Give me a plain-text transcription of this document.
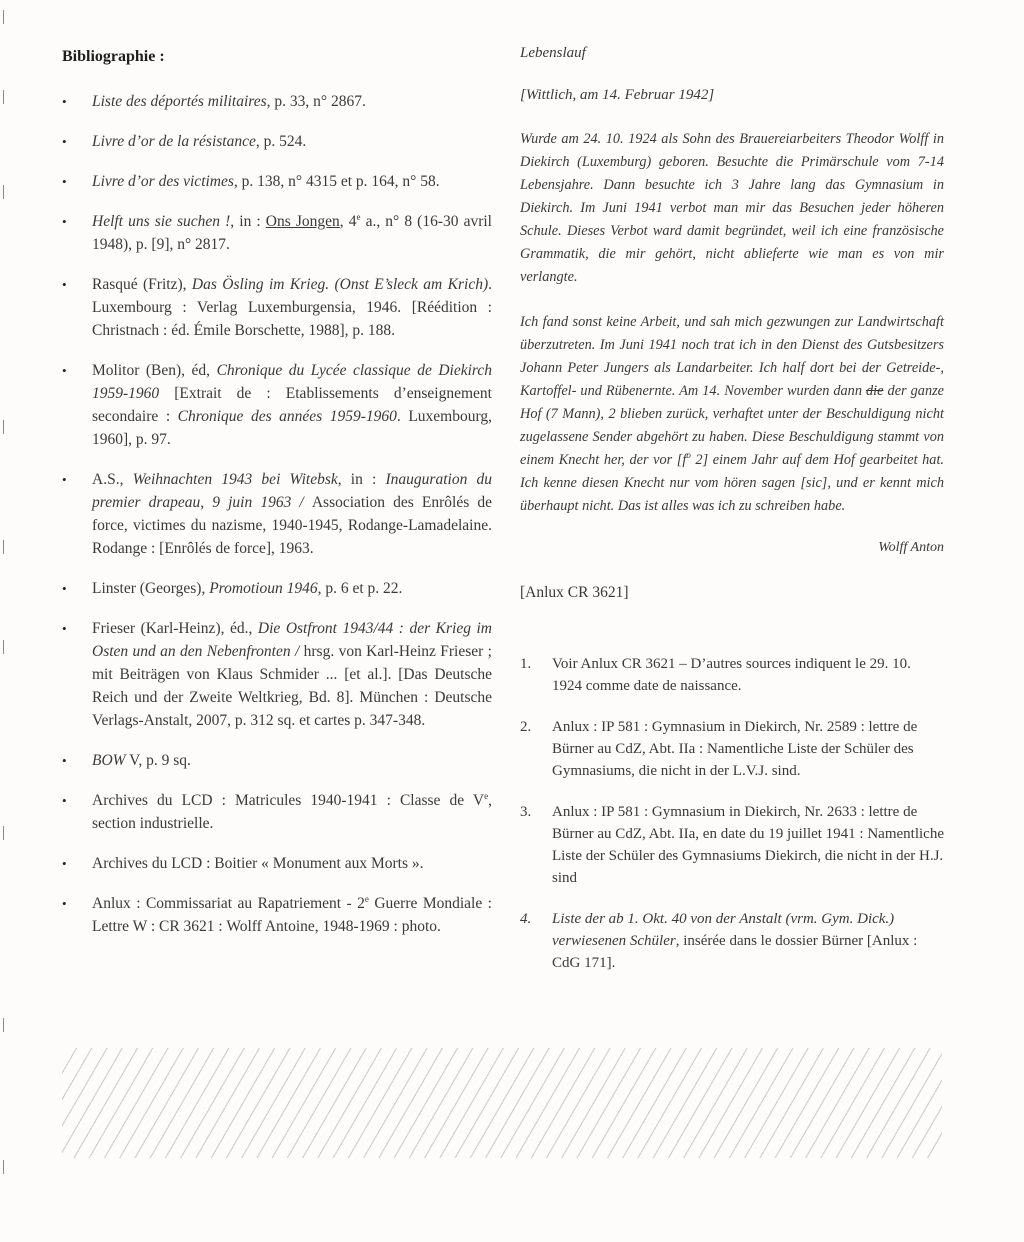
Bibliographie :
• Liste des déportés militaires, p. 33, n° 2867.
• Livre d’or de la résistance, p. 524.
• Livre d’or des victimes, p. 138, n° 4315 et p. 164, n° 58.
• Helft uns sie suchen !, in : Ons Jongen, 4e a., n° 8 (16-30 avril 1948), p. [9], n° 2817.
• Rasqué (Fritz), Das Ösling im Krieg. (Onst E’sleck am Krich). Luxembourg : Verlag Luxemburgensia, 1946. [Réédition : Christnach : éd. Émile Borschette, 1988], p. 188.
• Molitor (Ben), éd, Chronique du Lycée classique de Diekirch 1959-1960 [Extrait de : Etablissements d’enseignement secondaire : Chronique des années 1959-1960. Luxembourg, 1960], p. 97.
• A.S., Weihnachten 1943 bei Witebsk, in : Inauguration du premier drapeau, 9 juin 1963 / Association des Enrôlés de force, victimes du nazisme, 1940-1945, Rodange-Lamadelaine. Rodange : [Enrôlés de force], 1963.
• Linster (Georges), Promotioun 1946, p. 6 et p. 22.
• Frieser (Karl-Heinz), éd., Die Ostfront 1943/44 : der Krieg im Osten und an den Nebenfronten / hrsg. von Karl-Heinz Frieser ; mit Beiträgen von Klaus Schmider ... [et al.]. [Das Deutsche Reich und der Zweite Weltkrieg, Bd. 8]. München : Deutsche Verlags-Anstalt, 2007, p. 312 sq. et cartes p. 347-348.
• BOW V, p. 9 sq.
• Archives du LCD : Matricules 1940-1941 : Classe de Ve, section industrielle.
• Archives du LCD : Boitier « Monument aux Morts ».
• Anlux : Commissariat au Rapatriement - 2e Guerre Mondiale : Lettre W : CR 3621 : Wolff Antoine, 1948-1969 : photo.
Lebenslauf
[Wittlich, am 14. Februar 1942]

Wurde am 24. 10. 1924 als Sohn des Brauereiarbeiters Theodor Wolff in Diekirch (Luxemburg) geboren. Besuchte die Primärschule vom 7-14 Lebensjahre. Dann besuchte ich 3 Jahre lang das Gymnasium in Diekirch. Im Juni 1941 verbot man mir das Besuchen jeder höheren Schule. Dieses Verbot ward damit begründet, weil ich eine französische Grammatik, die mir gehört, nicht ablieferte wie man es von mir verlangte.

Ich fand sonst keine Arbeit, und sah mich gezwungen zur Landwirtschaft überzutreten. Im Juni 1941 noch trat ich in den Dienst des Gutsbesitzers Johann Peter Jungers als Landarbeiter. Ich half dort bei der Getreide-, Kartoffel- und Rübenernte. Am 14. November wurden dann die der ganze Hof (7 Mann), 2 blieben zurück, verhaftet unter der Beschuldigung nicht zugelassene Sender abgehört zu haben. Diese Beschuldigung stammt von einem Knecht her, der vor [$f^o$ 2] einem Jahr auf dem Hof gearbeitet hat. Ich kenne diesen Knecht nur vom hören sagen [sic], und er kennt mich überhaupt nicht. Das ist alles was ich zu schreiben habe.

Wolff Anton
[Anlux CR 3621]
1. Voir Anlux CR 3621 – D’autres sources indiquent le 29. 10. 1924 comme date de naissance.
2. Anlux : IP 581 : Gymnasium in Diekirch, Nr. 2589 : lettre de Bürner au CdZ, Abt. IIa : Namentliche Liste der Schüler des Gymnasiums, die nicht in der L.V.J. sind.
3. Anlux : IP 581 : Gymnasium in Diekirch, Nr. 2633 : lettre de Bürner au CdZ, Abt. IIa, en date du 19 juillet 1941 : Namentliche Liste der Schüler des Gymnasiums Diekirch, die nicht in der H.J. sind
4. Liste der ab 1. Okt. 40 von der Anstalt (vrm. Gym. Dick.) verwiesenen Schüler, insérée dans le dossier Bürner [Anlux : CdG 171].
